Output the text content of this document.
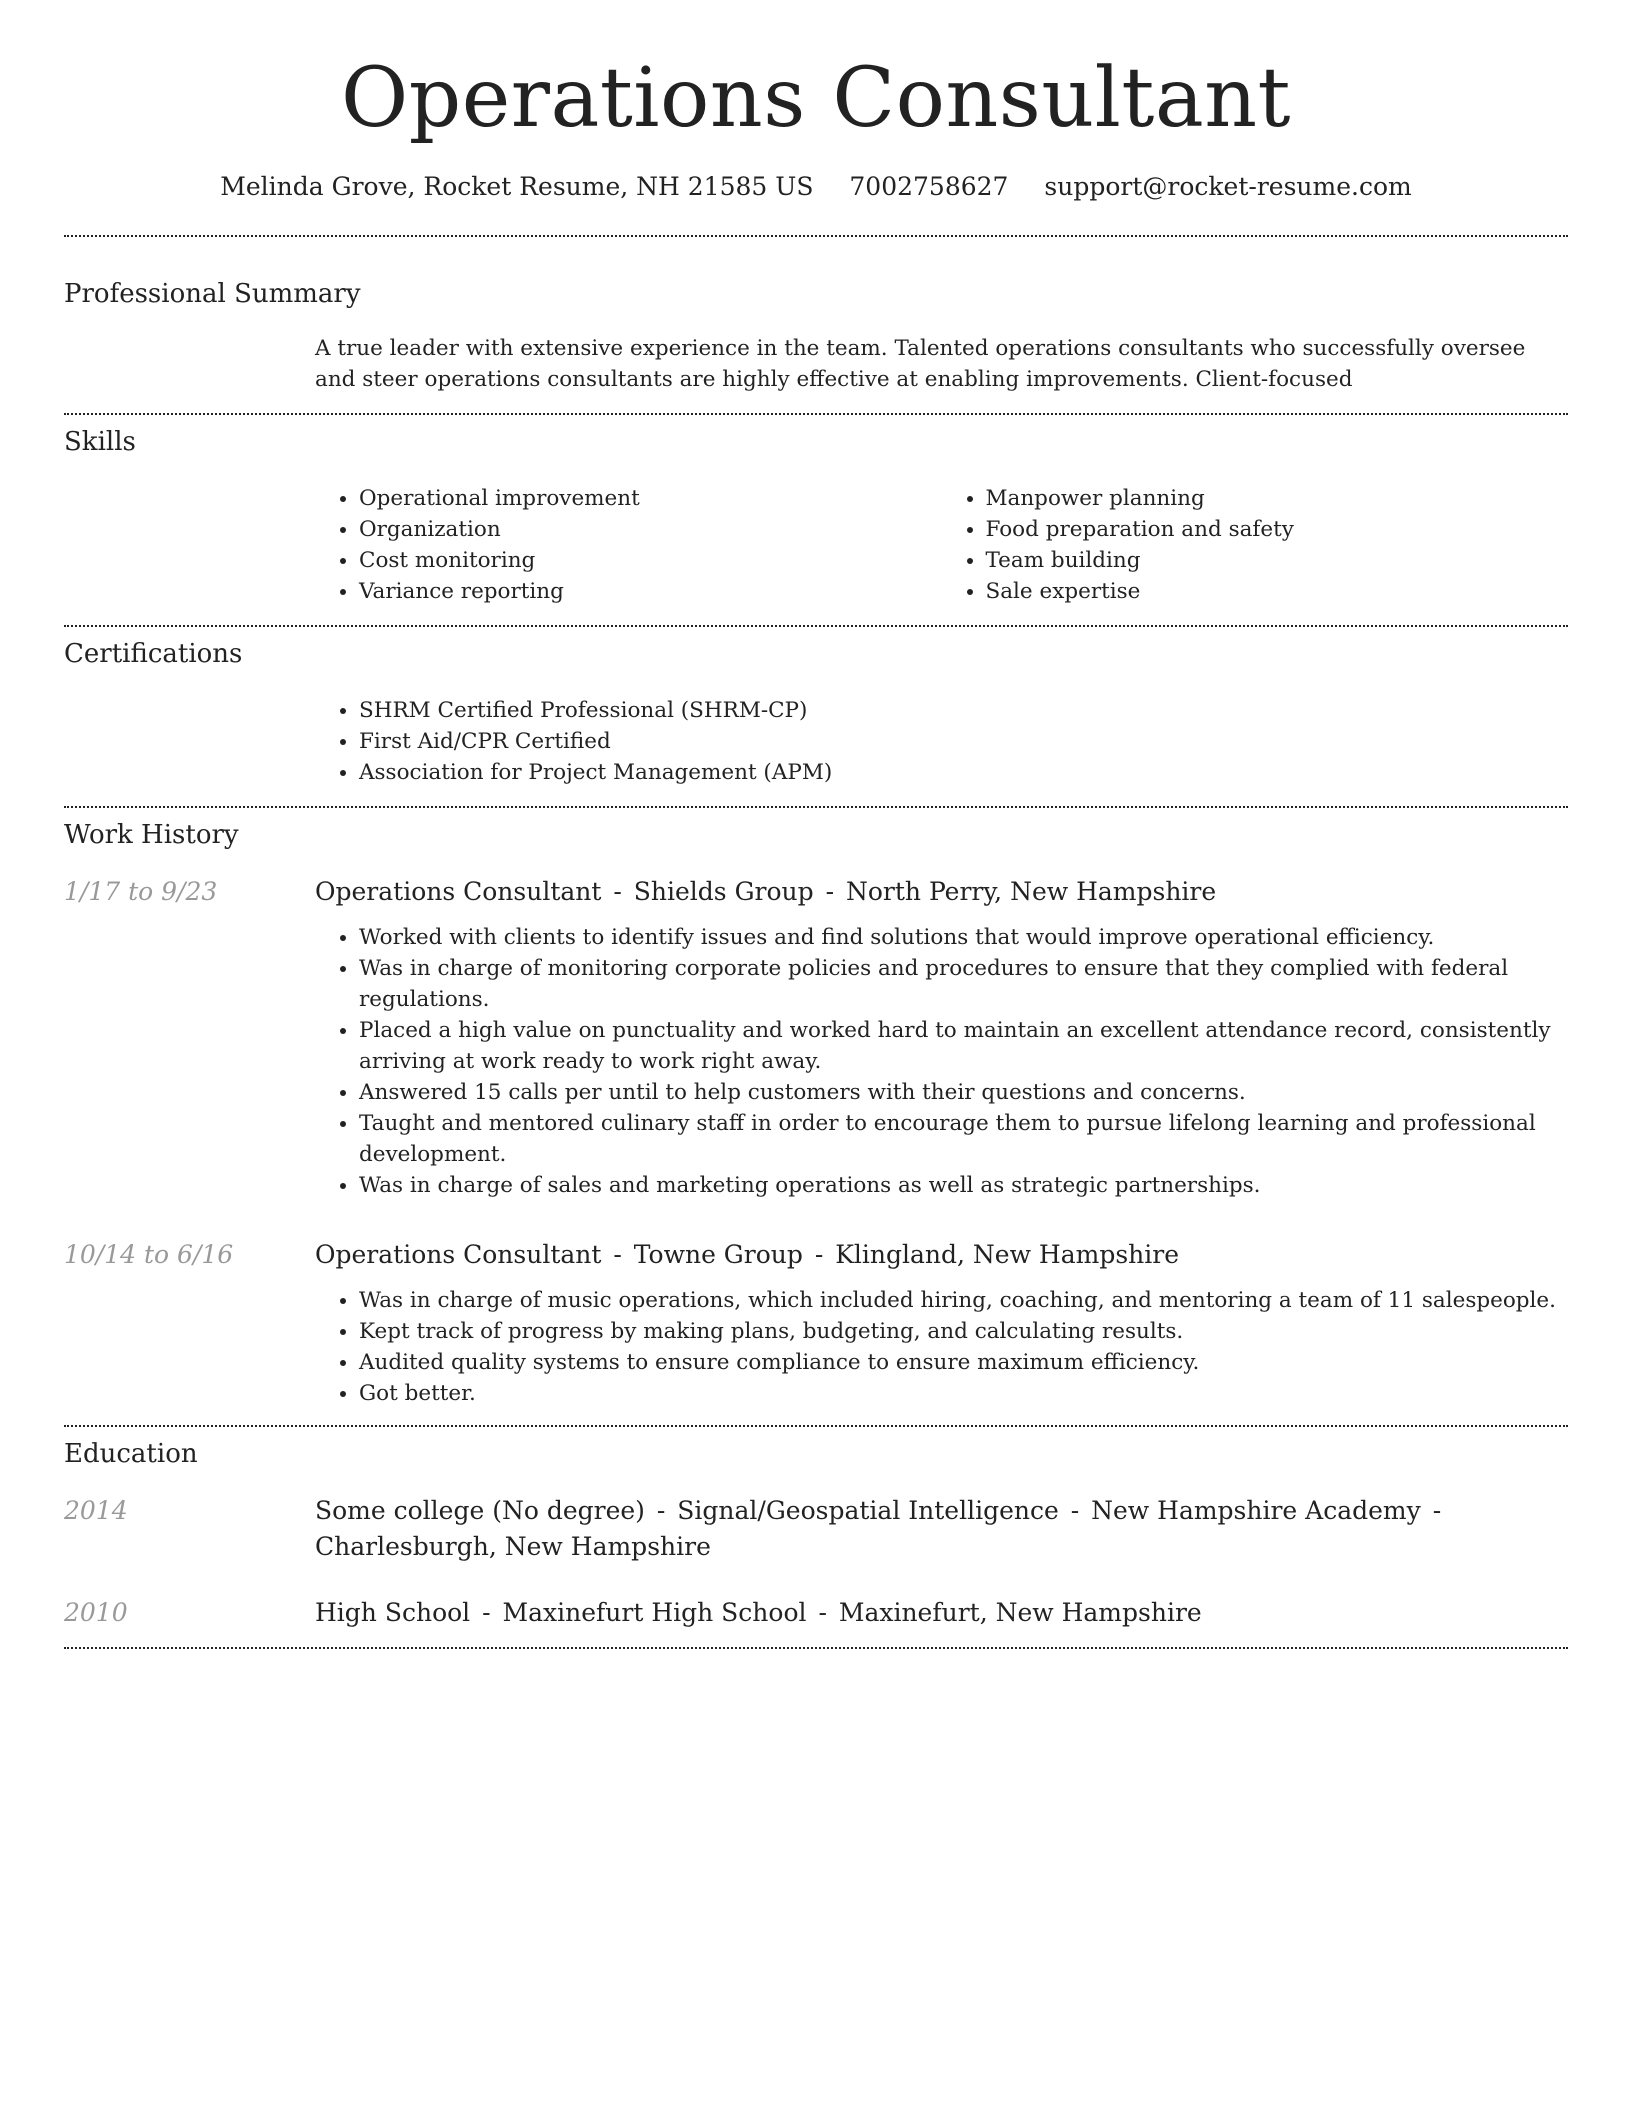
Operations Consultant
Melinda Grove, Rocket Resume, NH 21585 US 7002758627 support@rocket-resume.com
Professional Summary
A true leader with extensive experience in the team. Talented operations consultants who successfully oversee and steer operations consultants are highly effective at enabling improvements. Client-focused
Skills
• Operational improvement
• Organization
• Cost monitoring
• Variance reporting
• Manpower planning
• Food preparation and safety
• Team building
• Sale expertise
Certifications
• SHRM Certified Professional (SHRM-CP)
• First Aid/CPR Certified
• Association for Project Management (APM)
Work History
1/17 to 9/23	Operations Consultant - Shields Group - North Perry, New Hampshire
• Worked with clients to identify issues and find solutions that would improve operational efficiency.
• Was in charge of monitoring corporate policies and procedures to ensure that they complied with federal regulations.
• Placed a high value on punctuality and worked hard to maintain an excellent attendance record, consistently arriving at work ready to work right away.
• Answered 15 calls per until to help customers with their questions and concerns.
• Taught and mentored culinary staff in order to encourage them to pursue lifelong learning and professional development.
• Was in charge of sales and marketing operations as well as strategic partnerships.
10/14 to 6/16	Operations Consultant - Towne Group - Klingland, New Hampshire
• Was in charge of music operations, which included hiring, coaching, and mentoring a team of 11 salespeople.
• Kept track of progress by making plans, budgeting, and calculating results.
• Audited quality systems to ensure compliance to ensure maximum efficiency.
• Got better.
Education
2014	Some college (No degree) - Signal/Geospatial Intelligence - New Hampshire Academy - Charlesburgh, New Hampshire
2010	High School - Maxinefurt High School - Maxinefurt, New Hampshire
